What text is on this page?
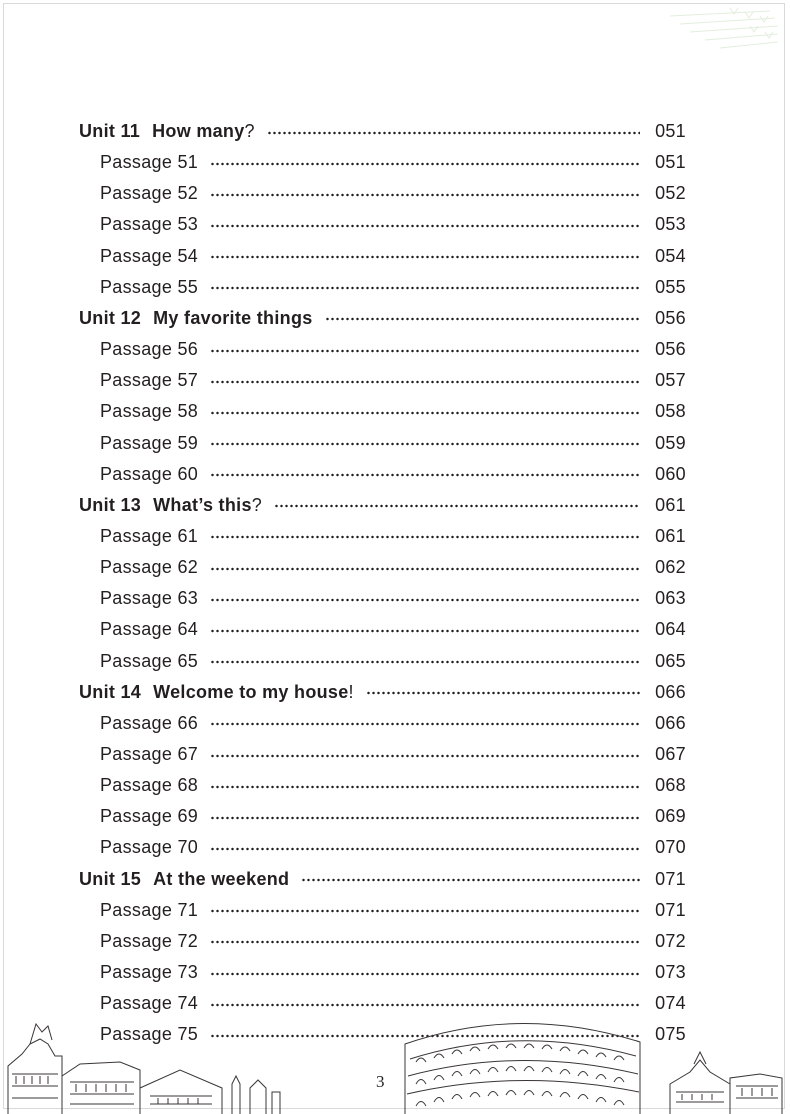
Unit 11 How many?	051
Passage 51	051
Passage 52	052
Passage 53	053
Passage 54	054
Passage 55	055
Unit 12 My favorite things	056
Passage 56	056
Passage 57	057
Passage 58	058
Passage 59	059
Passage 60	060
Unit 13 What’s this?	061
Passage 61	061
Passage 62	062
Passage 63	063
Passage 64	064
Passage 65	065
Unit 14 Welcome to my house!	066
Passage 66	066
Passage 67	067
Passage 68	068
Passage 69	069
Passage 70	070
Unit 15 At the weekend	071
Passage 71	071
Passage 72	072
Passage 73	073
Passage 74	074
Passage 75	075
3
